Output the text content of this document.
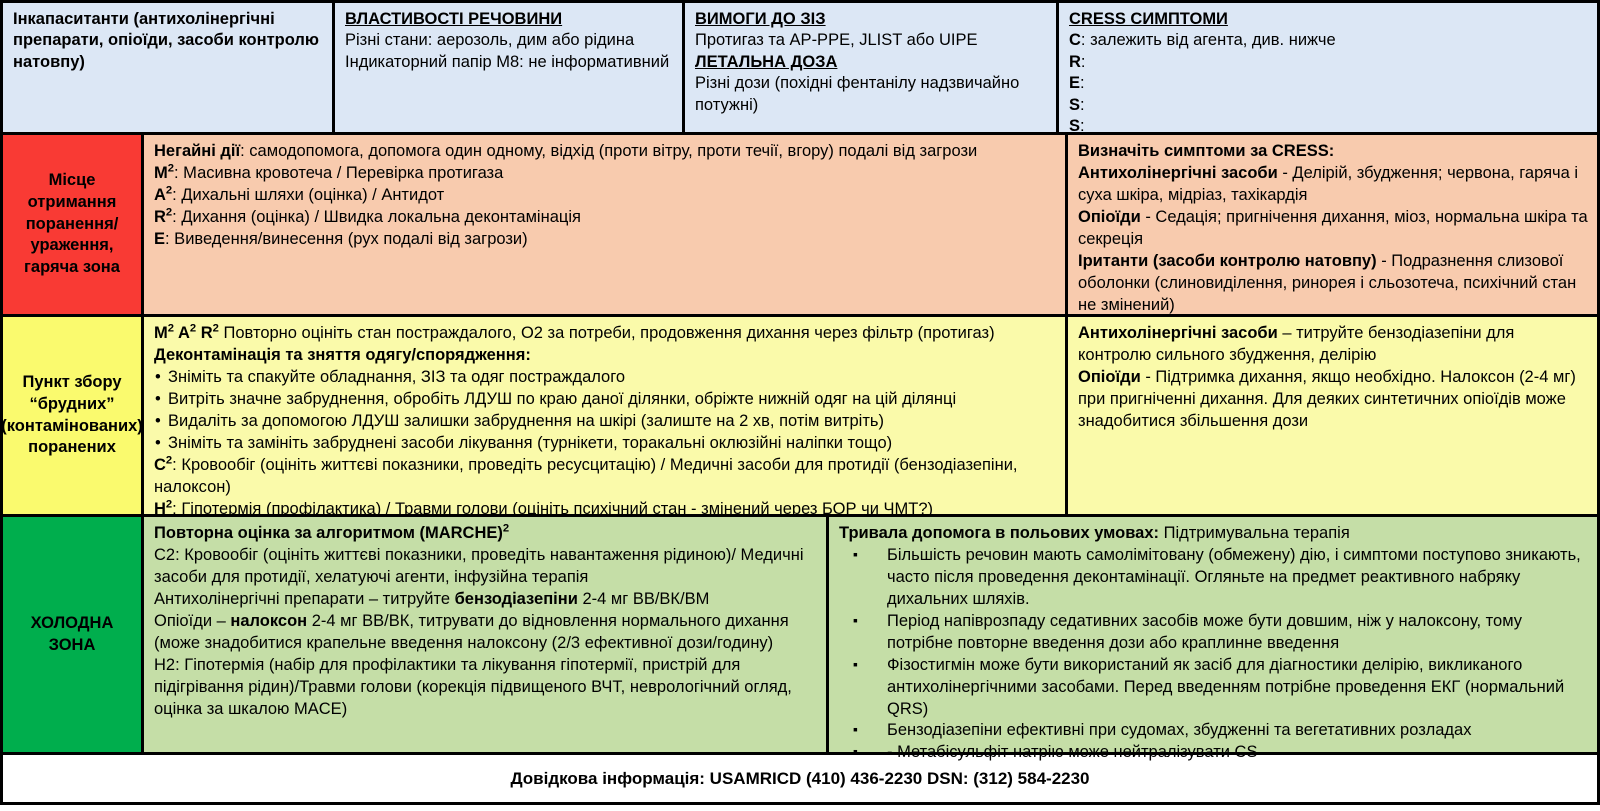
Інкапаситанти (антихолінергічні препарати, опіоїди, засоби контролю натовпу)
ВЛАСТИВОСТІ РЕЧОВИНИ
Різні стани: аерозоль, дим або рідина
Індикаторний папір M8: не інформативний
ВИМОГИ ДО ЗІЗ
Протигаз та AP-PPE, JLIST або UIPE
ЛЕТАЛЬНА ДОЗА
Різні дози (похідні фентанілу надзвичайно потужні)
CRESS СИМПТОМИ
C: залежить від агента, див. нижче
R:
E:
S:
S:
Місце отримання поранення/ураження, гаряча зона
Негайні дії: самодопомога, допомога один одному, відхід (проти вітру, проти течії, вгору) подалі від загрози
$M^2$: Масивна кровотеча / Перевірка протигаза
$A^2$: Дихальні шляхи (оцінка) / Антидот
$R^2$: Дихання (оцінка) / Швидка локальна деконтамінація
E: Виведення/винесення (рух подалі від загрози)
Визначіть симптоми за CRESS:
Антихолінергічні засоби - Делірій, збудження; червона, гаряча і суха шкіра, мідріаз, тахікардія
Опіоїди - Седація; пригнічення дихання, міоз, нормальна шкіра та секреція
Іританти (засоби контролю натовпу) - Подразнення слизової оболонки (слиновиділення, ринорея і сльозотеча, психічний стан не змінений)
Пункт збору “брудних” (контамінованих) поранених
$M^2$ $A^2$ $R^2$ Повторно оцініть стан постраждалого, О2 за потреби, продовження дихання через фільтр (протигаз)
Деконтамінація та зняття одягу/спорядження:
• Зніміть та спакуйте обладнання, ЗІЗ та одяг постраждалого
• Витріть значне забруднення, обробіть ЛДУШ по краю даної ділянки, обріжте нижній одяг на цій ділянці
• Видаліть за допомогою ЛДУШ залишки забруднення на шкірі (залиште на 2 хв, потім витріть)
• Зніміть та замініть забруднені засоби лікування (турнікети, торакальні оклюзійні наліпки тощо)
$C^2$: Кровообіг (оцініть життєві показники, проведіть ресусцитацію) / Медичні засоби для протидії (бензодіазепіни, налоксон)
$H^2$: Гіпотермія (профілактика) / Травми голови (оцініть психічний стан - змінений через БОР чи ЧМТ?)
Антихолінергічні засоби – титруйте бензодіазепіни для контролю сильного збудження, делірію
Опіоїди - Підтримка дихання, якщо необхідно. Налоксон (2-4 мг) при пригніченні дихання. Для деяких синтетичних опіоїдів може знадобитися збільшення дози
ХОЛОДНА ЗОНА
Повторна оцінка за алгоритмом (MARCHE)$^2$
С2: Кровообіг (оцініть життєві показники, проведіть навантаження рідиною)/ Медичні засоби для протидії, хелатуючі агенти, інфузійна терапія
Антихолінергічні препарати – титруйте бензодіазепіни 2-4 мг ВВ/ВК/ВМ
Опіоїди – налоксон 2-4 мг ВВ/ВК, титрувати до відновлення нормального дихання (може знадобитися крапельне введення налоксону (2/3 ефективної дози/годину)
Н2: Гіпотермія (набір для профілактики та лікування гіпотермії, пристрій для підігрівання рідин)/Травми голови (корекція підвищеного ВЧТ, неврологічний огляд, оцінка за шкалою MACE)
Тривала допомога в польових умовах: Підтримувальна терапія
▪ Більшість речовин мають самолімітовану (обмежену) дію, і симптоми поступово зникають, часто після проведення деконтамінації. Огляньте на предмет реактивного набряку дихальних шляхів.
▪ Період напіврозпаду седативних засобів може бути довшим, ніж у налоксону, тому потрібне повторне введення дози або краплинне введення
▪ Фізостигмін може бути використаний як засіб для діагностики делірію, викликаного антихолінергічними засобами. Перед введенням потрібне проведення ЕКГ (нормальний QRS)
▪ Бензодіазепіни ефективні при судомах, збудженні та вегетативних розладах
▪ - Метабісульфіт натрію може нейтралізувати CS
Довідкова інформація: USAMRICD (410) 436-2230 DSN: (312) 584-2230
